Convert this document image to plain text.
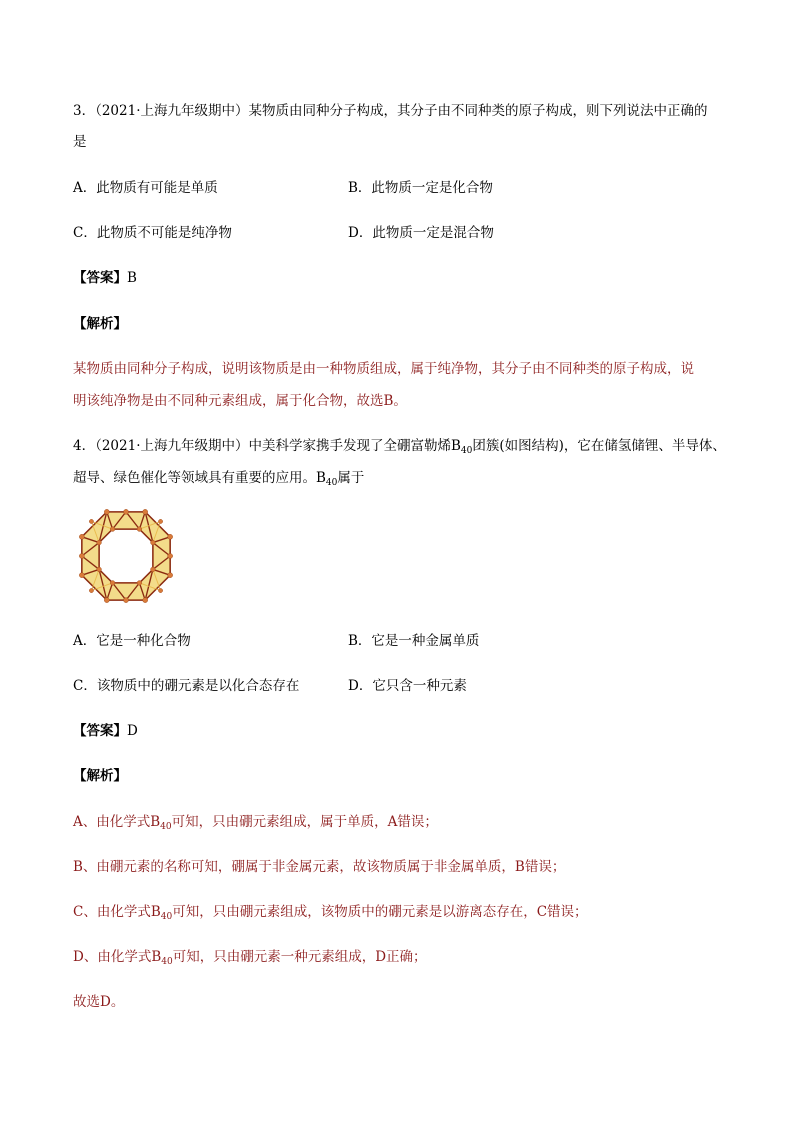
3．（2021·上海九年级期中）某物质由同种分子构成，其分子由不同种类的原子构成，则下列说法中正确的
是
A．此物质有可能是单质	B．此物质一定是化合物
C．此物质不可能是纯净物	D．此物质一定是混合物
【答案】B
【解析】
某物质由同种分子构成，说明该物质是由一种物质组成，属于纯净物，其分子由不同种类的原子构成，说
明该纯净物是由不同种元素组成，属于化合物，故选B。
4．（2021·上海九年级期中）中美科学家携手发现了全硼富勒烯$B_{40}$团簇(如图结构)，它在储氢储锂、半导体、
超导、绿色催化等领域具有重要的应用。$B_{40}$属于
A．它是一种化合物	B．它是一种金属单质
C．该物质中的硼元素是以化合态存在	D．它只含一种元素
【答案】D
【解析】
A、由化学式$B_{40}$可知，只由硼元素组成，属于单质，A错误；
B、由硼元素的名称可知，硼属于非金属元素，故该物质属于非金属单质，B错误；
C、由化学式$B_{40}$可知，只由硼元素组成，该物质中的硼元素是以游离态存在，C错误；
D、由化学式$B_{40}$可知，只由硼元素一种元素组成，D正确；
故选D。
